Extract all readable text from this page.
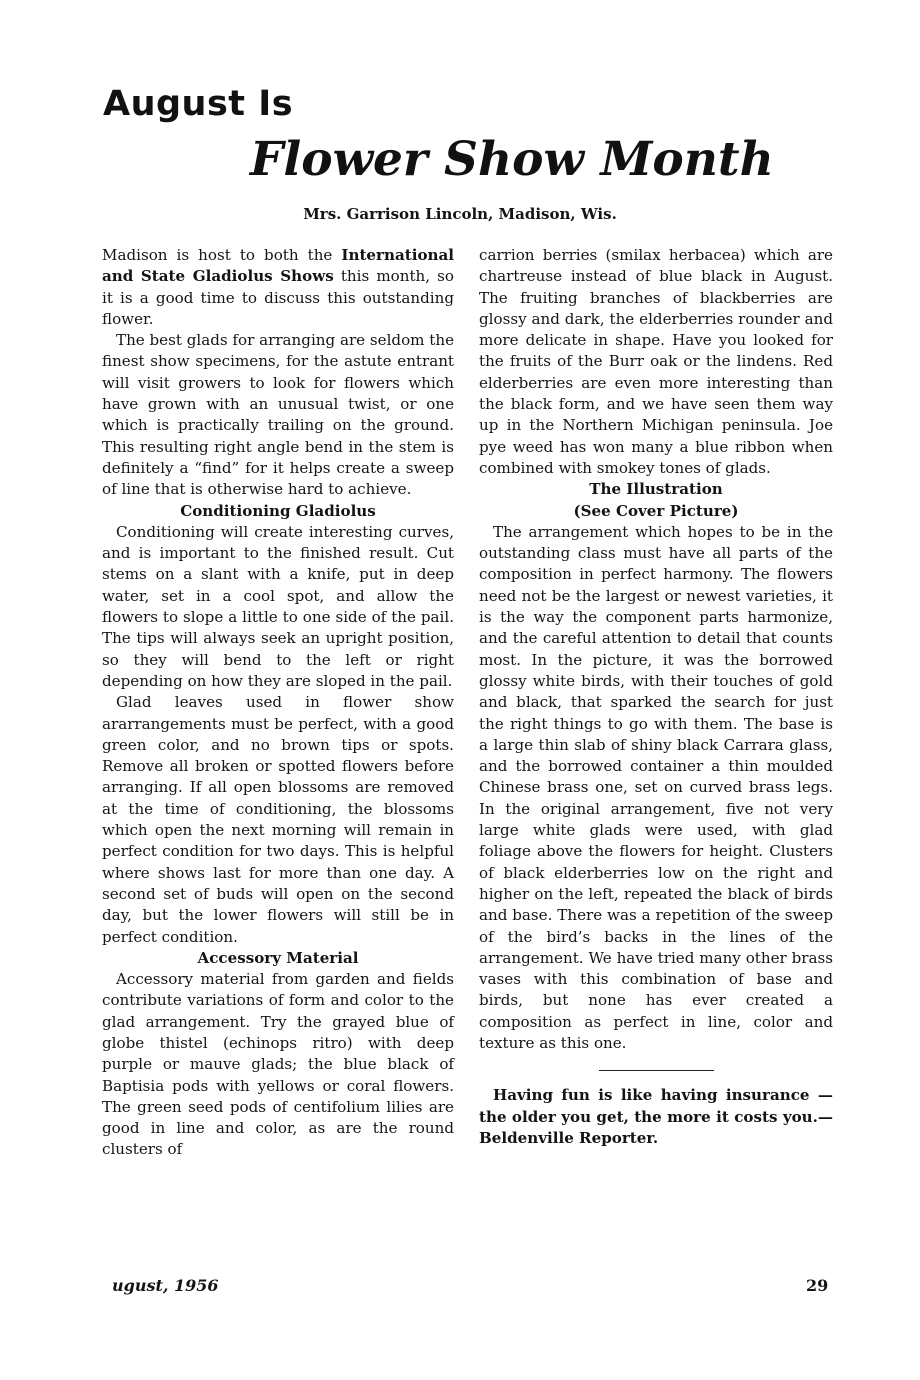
August Is
Flower Show Month
Mrs. Garrison Lincoln, Madison, Wis.

Madison is host to both the International and State Gladiolus Shows this month, so it is a good time to discuss this outstanding flower.

The best glads for arranging are seldom the finest show specimens, for the astute entrant will visit growers to look for flowers which have grown with an unusual twist, or one which is practically trailing on the ground. This resulting right angle bend in the stem is definitely a “find” for it helps create a sweep of line that is otherwise hard to achieve.

Conditioning Gladiolus

Conditioning will create interesting curves, and is important to the finished result. Cut stems on a slant with a knife, put in deep water, set in a cool spot, and allow the flowers to slope a little to one side of the pail. The tips will always seek an upright position, so they will bend to the left or right depending on how they are sloped in the pail.

Glad leaves used in flower show ararrangements must be perfect, with a good green color, and no brown tips or spots. Remove all broken or spotted flowers before arranging. If all open blossoms are removed at the time of conditioning, the blossoms which open the next morning will remain in perfect condition for two days. This is helpful where shows last for more than one day. A second set of buds will open on the second day, but the lower flowers will still be in perfect condition.

Accessory Material

Accessory material from garden and fields contribute variations of form and color to the glad arrangement. Try the grayed blue of globe thistel (echinops ritro) with deep purple or mauve glads; the blue black of Baptisia pods with yellows or coral flowers. The green seed pods of centifolium lilies are good in line and color, as are the round clusters of

carrion berries (smilax herbacea) which are chartreuse instead of blue black in August. The fruiting branches of blackberries are glossy and dark, the elderberries rounder and more delicate in shape. Have you looked for the fruits of the Burr oak or the lindens. Red elderberries are even more interesting than the black form, and we have seen them way up in the Northern Michigan peninsula. Joe pye weed has won many a blue ribbon when combined with smokey tones of glads.

The Illustration
(See Cover Picture)

The arrangement which hopes to be in the outstanding class must have all parts of the composition in perfect harmony. The flowers need not be the largest or newest varieties, it is the way the component parts harmonize, and the careful attention to detail that counts most. In the picture, it was the borrowed glossy white birds, with their touches of gold and black, that sparked the search for just the right things to go with them. The base is a large thin slab of shiny black Carrara glass, and the borrowed container a thin moulded Chinese brass one, set on curved brass legs. In the original arrangement, five not very large white glads were used, with glad foliage above the flowers for height. Clusters of black elderberries low on the right and higher on the left, repeated the black of birds and base. There was a repetition of the sweep of the bird’s backs in the lines of the arrangement. We have tried many other brass vases with this combination of base and birds, but none has ever created a composition as perfect in line, color and texture as this one.

Having fun is like having insurance —the older you get, the more it costs you.—Beldenville Reporter.

ugust, 1956	29
